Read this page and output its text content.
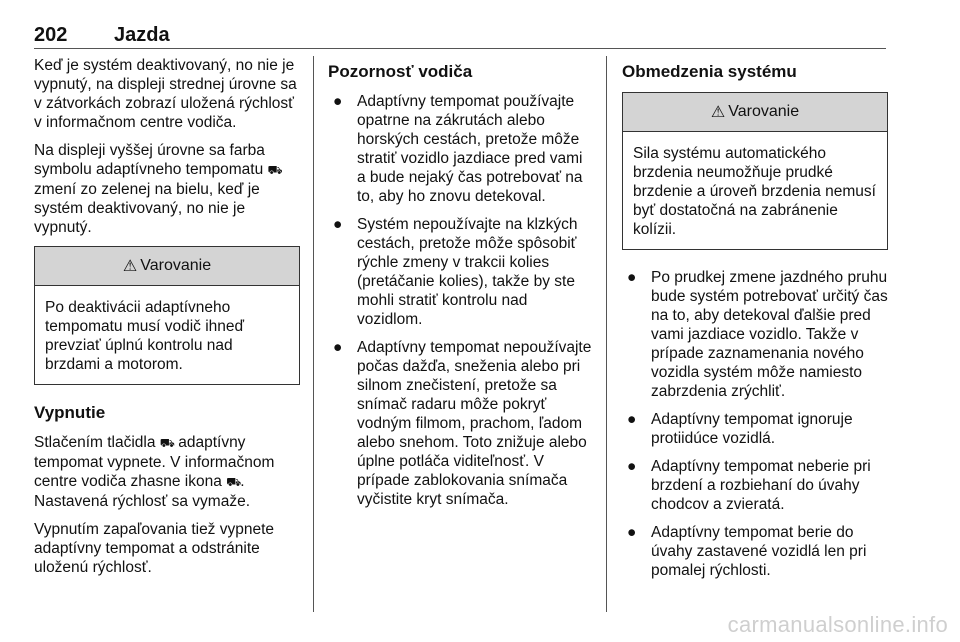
202 Jazda

Keď je systém deaktivovaný, no nie je vypnutý, na displeji strednej úrovne sa v zátvorkách zobrazí uložená rýchlosť v informačnom centre vodiča.

Na displeji vyššej úrovne sa farba symbolu adaptívneho tempomatu ⛟ zmení zo zelenej na bielu, keď je systém deaktivovaný, no nie je vypnutý.

⚠ Varovanie
Po deaktivácii adaptívneho tempomatu musí vodič ihneď prevziať úplnú kontrolu nad brzdami a motorom.
Vypnutie

Stlačením tlačidla ⛟ adaptívny tempomat vypnete. V informačnom centre vodiča zhasne ikona ⛟. Nastavená rýchlosť sa vymaže.

Vypnutím zapaľovania tiež vypnete adaptívny tempomat a odstránite uloženú rýchlosť.

Pozornosť vodiča
● Adaptívny tempomat používajte opatrne na zákrutách alebo horských cestách, pretože môže stratiť vozidlo jazdiace pred vami a bude nejaký čas potrebovať na to, aby ho znovu detekoval.
● Systém nepoužívajte na klzkých cestách, pretože môže spôsobiť rýchle zmeny v trakcii kolies (pretáčanie kolies), takže by ste mohli stratiť kontrolu nad vozidlom.
● Adaptívny tempomat nepoužívajte počas dažďa, sneženia alebo pri silnom znečistení, pretože sa snímač radaru môže pokryť vodným filmom, prachom, ľadom alebo snehom. Toto znižuje alebo úplne potláča viditeľnosť. V prípade zablokovania snímača vyčistite kryt snímača.
Obmedzenia systému
⚠ Varovanie
Sila systému automatického brzdenia neumožňuje prudké brzdenie a úroveň brzdenia nemusí byť dostatočná na zabránenie kolízii.
● Po prudkej zmene jazdného pruhu bude systém potrebovať určitý čas na to, aby detekoval ďalšie pred vami jazdiace vozidlo. Takže v prípade zaznamenania nového vozidla systém môže namiesto zabrzdenia zrýchliť.
● Adaptívny tempomat ignoruje protiidúce vozidlá.
● Adaptívny tempomat neberie pri brzdení a rozbiehaní do úvahy chodcov a zvieratá.
● Adaptívny tempomat berie do úvahy zastavené vozidlá len pri pomalej rýchlosti.
carmanualsonline.info
